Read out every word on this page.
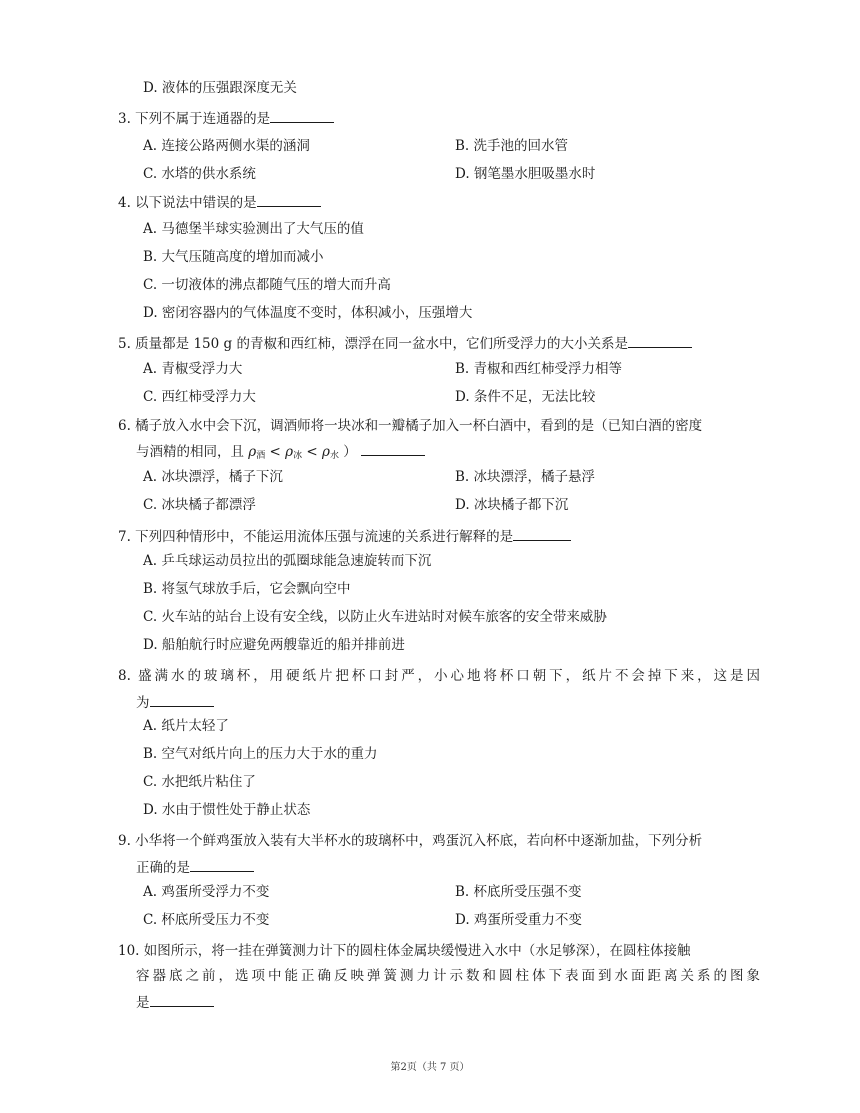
D. 液体的压强跟深度无关
3. 下列不属于连通器的是
A. 连接公路两侧水渠的涵洞	B. 洗手池的回水管
C. 水塔的供水系统	D. 钢笔墨水胆吸墨水时
4. 以下说法中错误的是
A. 马德堡半球实验测出了大气压的值
B. 大气压随高度的增加而减小
C. 一切液体的沸点都随气压的增大而升高
D. 密闭容器内的气体温度不变时，体积减小，压强增大
5. 质量都是 150 g 的青椒和西红柿，漂浮在同一盆水中，它们所受浮力的大小关系是
A. 青椒受浮力大	B. 青椒和西红柿受浮力相等
C. 西红柿受浮力大	D. 条件不足，无法比较
6. 橘子放入水中会下沉，调酒师将一块冰和一瓣橘子加入一杯白酒中，看到的是（已知白酒的密度
与酒精的相同，且 $\rho_酒 < \rho_冰 < \rho_水$ ）
A. 冰块漂浮，橘子下沉	B. 冰块漂浮，橘子悬浮
C. 冰块橘子都漂浮	D. 冰块橘子都下沉
7. 下列四种情形中，不能运用流体压强与流速的关系进行解释的是
A. 乒乓球运动员拉出的弧圈球能急速旋转而下沉
B. 将氢气球放手后，它会飘向空中
C. 火车站的站台上设有安全线，以防止火车进站时对候车旅客的安全带来威胁
D. 船舶航行时应避免两艘靠近的船并排前进
8. 盛满水的玻璃杯，用硬纸片把杯口封严，小心地将杯口朝下，纸片不会掉下来，这是因
为
A. 纸片太轻了
B. 空气对纸片向上的压力大于水的重力
C. 水把纸片粘住了
D. 水由于惯性处于静止状态
9. 小华将一个鲜鸡蛋放入装有大半杯水的玻璃杯中，鸡蛋沉入杯底，若向杯中逐渐加盐，下列分析
正确的是
A. 鸡蛋所受浮力不变	B. 杯底所受压强不变
C. 杯底所受压力不变	D. 鸡蛋所受重力不变
10. 如图所示，将一挂在弹簧测力计下的圆柱体金属块缓慢进入水中（水足够深），在圆柱体接触
容器底之前，选项中能正确反映弹簧测力计示数和圆柱体下表面到水面距离关系的图象
是
第2页（共 7 页）
